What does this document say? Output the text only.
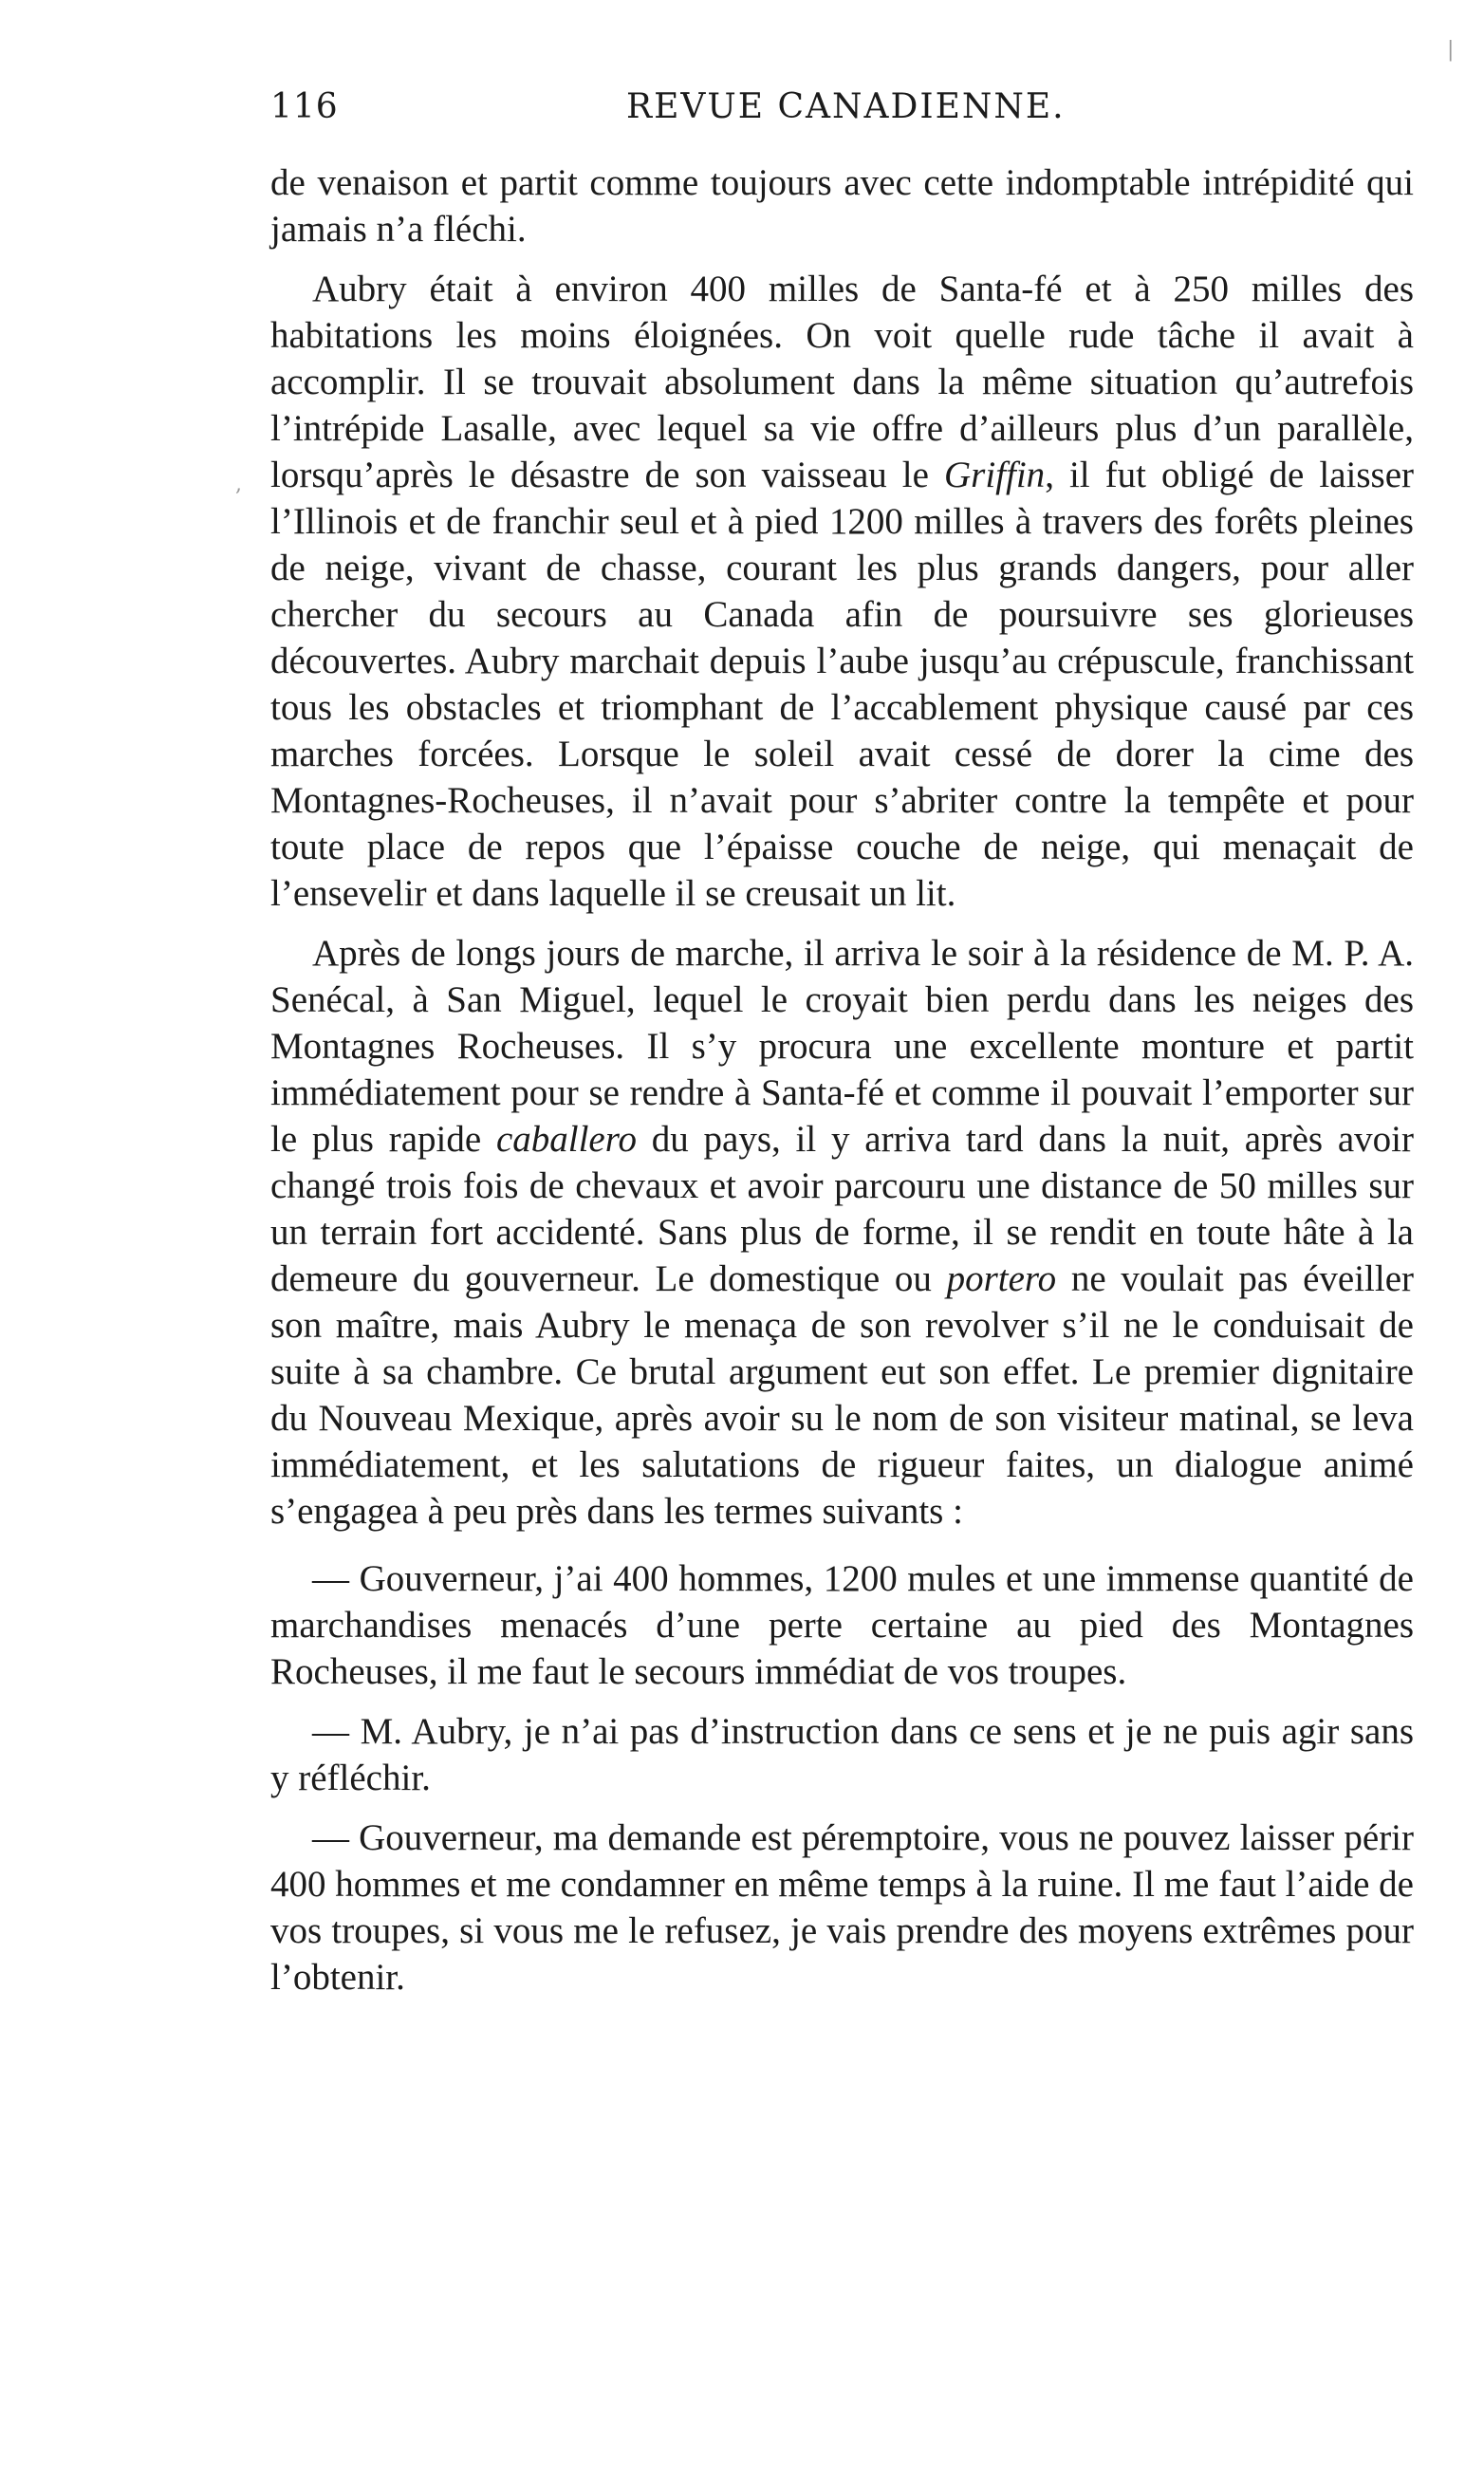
116	REVUE CANADIENNE.

de venaison et partit comme toujours avec cette indomptable intrépidité qui jamais n’a fléchi.

Aubry était à environ 400 milles de Santa-fé et à 250 milles des habitations les moins éloignées. On voit quelle rude tâche il avait à accomplir. Il se trouvait absolument dans la même situation qu’autrefois l’intrépide Lasalle, avec lequel sa vie offre d’ailleurs plus d’un parallèle, lorsqu’après le désastre de son vaisseau le Griffin, il fut obligé de laisser l’Illinois et de franchir seul et à pied 1200 milles à travers des forêts pleines de neige, vivant de chasse, courant les plus grands dangers, pour aller chercher du secours au Canada afin de poursuivre ses glorieuses découvertes. Aubry marchait depuis l’aube jusqu’au crépuscule, franchissant tous les obstacles et triomphant de l’accablement physique causé par ces marches forcées. Lorsque le soleil avait cessé de dorer la cime des Montagnes-Rocheuses, il n’avait pour s’abriter contre la tempête et pour toute place de repos que l’épaisse couche de neige, qui menaçait de l’ensevelir et dans laquelle il se creusait un lit.

Après de longs jours de marche, il arriva le soir à la résidence de M. P. A. Senécal, à San Miguel, lequel le croyait bien perdu dans les neiges des Montagnes Rocheuses. Il s’y procura une excellente monture et partit immédiatement pour se rendre à Santa-fé et comme il pouvait l’emporter sur le plus rapide caballero du pays, il y arriva tard dans la nuit, après avoir changé trois fois de chevaux et avoir parcouru une distance de 50 milles sur un terrain fort accidenté. Sans plus de forme, il se rendit en toute hâte à la demeure du gouverneur. Le domestique ou portero ne voulait pas éveiller son maître, mais Aubry le menaça de son revolver s’il ne le conduisait de suite à sa chambre. Ce brutal argument eut son effet. Le premier dignitaire du Nouveau Mexique, après avoir su le nom de son visiteur matinal, se leva immédiatement, et les salutations de rigueur faites, un dialogue animé s’engagea à peu près dans les termes suivants :

— Gouverneur, j’ai 400 hommes, 1200 mules et une immense quantité de marchandises menacés d’une perte certaine au pied des Montagnes Rocheuses, il me faut le secours immédiat de vos troupes.

— M. Aubry, je n’ai pas d’instruction dans ce sens et je ne puis agir sans y réfléchir.

— Gouverneur, ma demande est péremptoire, vous ne pouvez laisser périr 400 hommes et me condamner en même temps à la ruine. Il me faut l’aide de vos troupes, si vous me le refusez, je vais prendre des moyens extrêmes pour l’obtenir.

|
,
